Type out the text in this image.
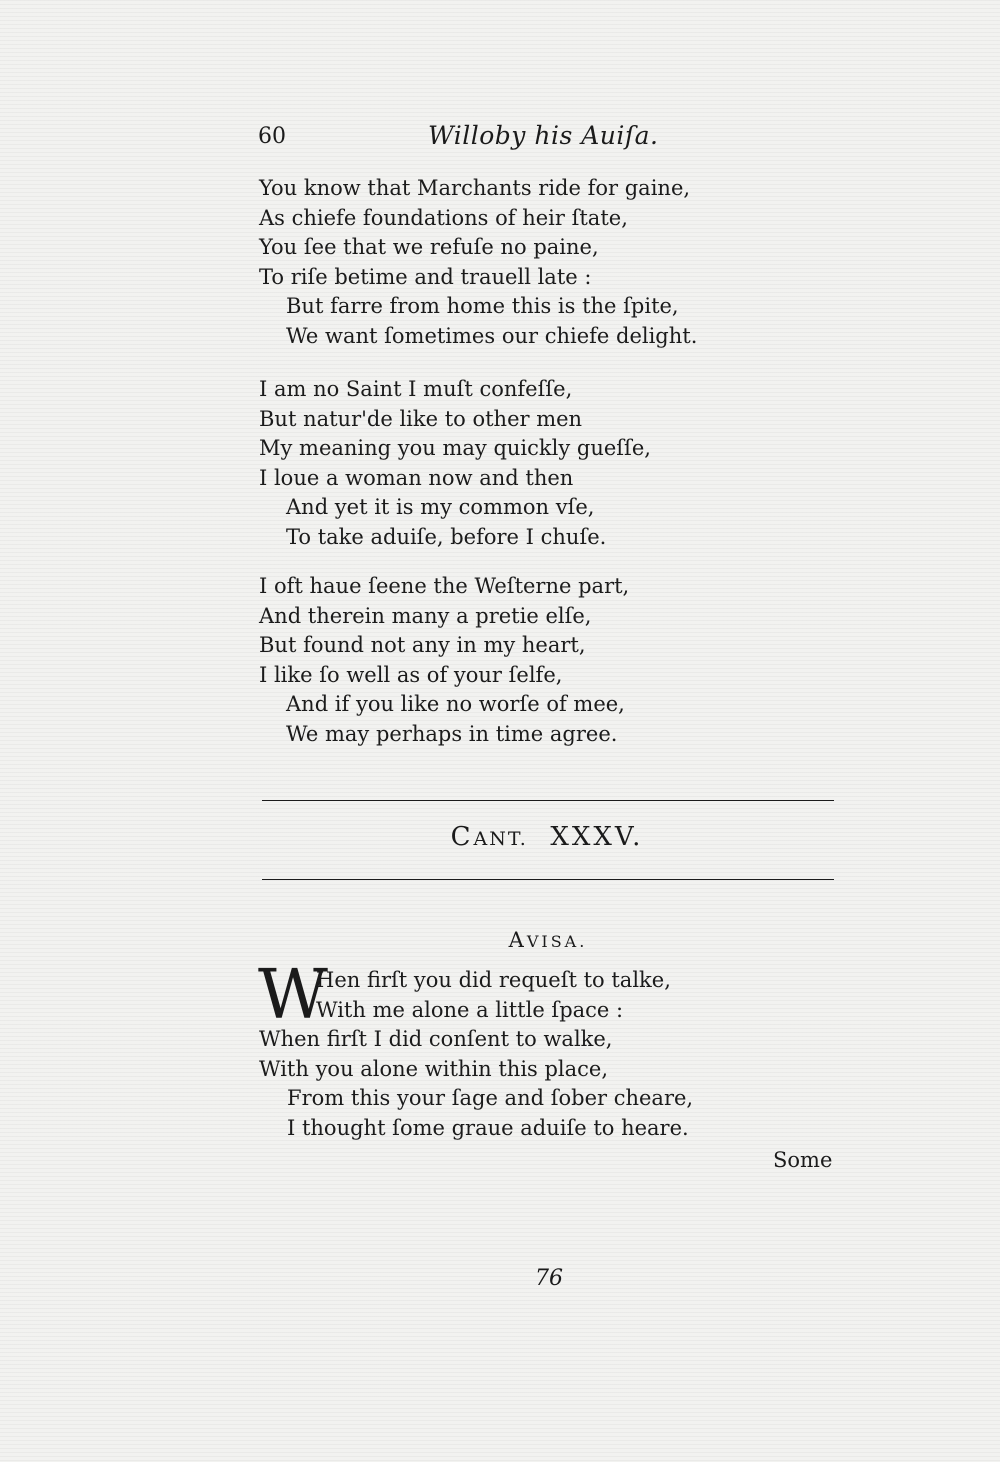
60	Willoby his Auiſa.
You know that Marchants ride for gaine,
As chiefe foundations of heir ſtate,
You ſee that we refuſe no paine,
To riſe betime and trauell late :
But farre from home this is the ſpite,
We want ſometimes our chiefe delight.
I am no Saint I muſt confeſſe,
But natur'de like to other men
My meaning you may quickly gueſſe,
I loue a woman now and then
And yet it is my common vſe,
To take aduiſe, before I chuſe.
I oft haue ſeene the Weſterne part,
And therein many a pretie elſe,
But found not any in my heart,
I like ſo well as of your ſelfe,
And if you like no worſe of mee,
We may perhaps in time agree.
CANT. XXXV.
AVISA.
W
Hen firſt you did requeſt to talke,
With me alone a little ſpace :
When firſt I did conſent to walke,
With you alone within this place,
From this your ſage and ſober cheare,
I thought ſome graue aduiſe to heare.
Some
76
